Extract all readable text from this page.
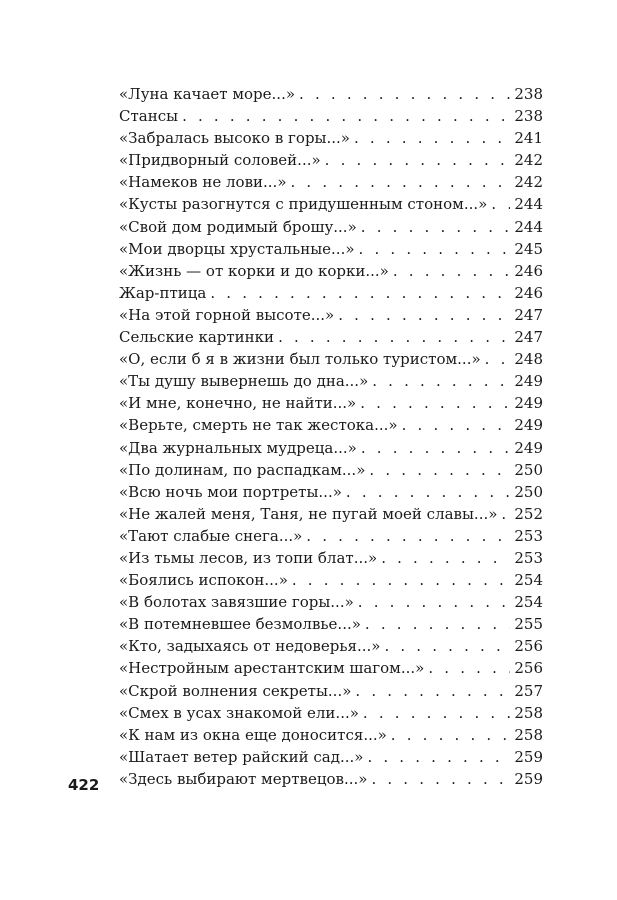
«Луна качает море...» . . .	238
Стансы . . .	238
«Забралась высоко в горы...» . . .	241
«Придворный соловей...» . . .	242
«Намеков не лови...» . . .	242
«Кусты разогнутся с придушенным стоном...» . . . 244
«Свой дом родимый брошу...» . . .	244
«Мои дворцы хрустальные...» . . .	245
«Жизнь — от корки и до корки...» . . .	246
Жар-птица . . .	246
«На этой горной высоте...» . . .	247
Сельские картинки . . .	247
«О, если б я в жизни был только туристом...» . . . 248
«Ты душу вывернешь до дна...» . . .	249
«И мне, конечно, не найти...» . . .	249
«Верьте, смерть не так жестока...» . . .	249
«Два журнальных мудреца...» . . .	249
«По долинам, по распадкам...» . . .	250
«Всю ночь мои портреты...» . . .	250
«Не жалей меня, Таня, не пугай моей славы...» . . . 252
«Тают слабые снега...» . . .	253
«Из тьмы лесов, из топи блат...» . . .	253
«Боялись испокон...» . . .	254
«В болотах завязшие горы...» . . .	254
«В потемневшее безмолвье...» . . .	255
«Кто, задыхаясь от недоверья...» . . .	256
«Нестройным арестантским шагом...» . . .	256
«Скрой волнения секреты...» . . .	257
«Смех в усах знакомой ели...» . . .	258
«К нам из окна еще доносится...» . . .	258
«Шатает ветер райский сад...» . . .	259
«Здесь выбирают мертвецов...» . . .	259
422
